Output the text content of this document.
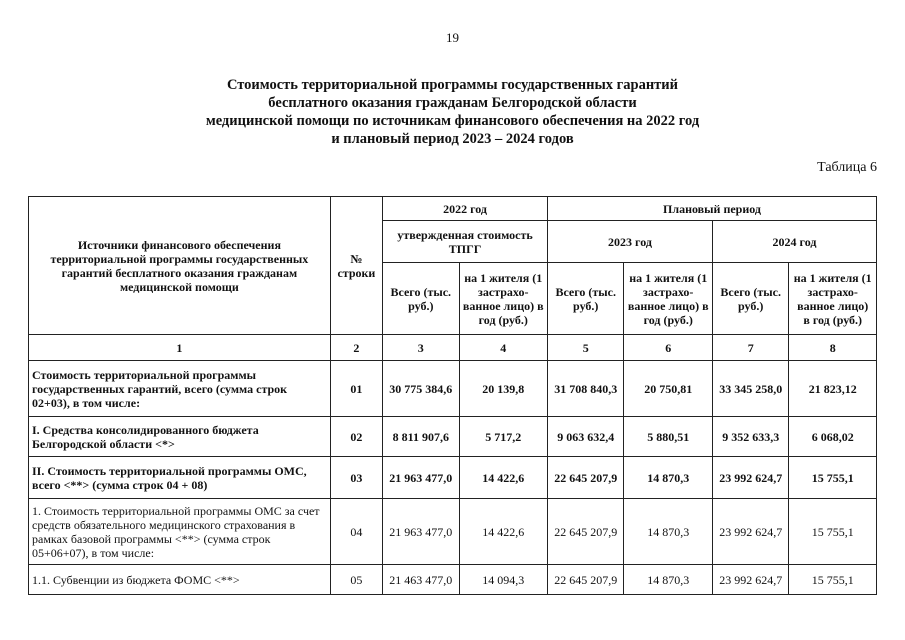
19
Стоимость территориальной программы государственных гарантий
бесплатного оказания гражданам Белгородской области
медицинской помощи по источникам финансового обеспечения на 2022 год
и плановый период 2023 – 2024 годов
Таблица 6
Источники финансового обеспечения территориальной программы государственных гарантий бесплатного оказания гражданам медицинской помощи	№ строки	2022 год		Плановый период			
		утвержденная стоимость ТПГГ		2023 год		2024 год	
		Всего (тыс. руб.)	на 1 жителя (1 застрахо-ванное лицо) в год (руб.)	Всего (тыс. руб.)	на 1 жителя (1 застрахо-ванное лицо) в год (руб.)	Всего (тыс. руб.)	на 1 жителя (1 застрахо-ванное лицо) в год (руб.)
1	2	3	4	5	6	7	8
Стоимость территориальной программы государственных гарантий, всего (сумма строк 02+03), в том числе:	01	30 775 384,6	20 139,8	31 708 840,3	20 750,81	33 345 258,0	21 823,12
I. Средства консолидированного бюджета Белгородской области <*>	02	8 811 907,6	5 717,2	9 063 632,4	5 880,51	9 352 633,3	6 068,02
II. Стоимость территориальной программы ОМС, всего <**> (сумма строк 04 + 08)	03	21 963 477,0	14 422,6	22 645 207,9	14 870,3	23 992 624,7	15 755,1
1. Стоимость территориальной программы ОМС за счет средств обязательного медицинского страхования в рамках базовой программы <**> (сумма строк 05+06+07), в том числе:	04	21 963 477,0	14 422,6	22 645 207,9	14 870,3	23 992 624,7	15 755,1
1.1. Субвенции из бюджета ФОМС <**>	05	21 463 477,0	14 094,3	22 645 207,9	14 870,3	23 992 624,7	15 755,1
